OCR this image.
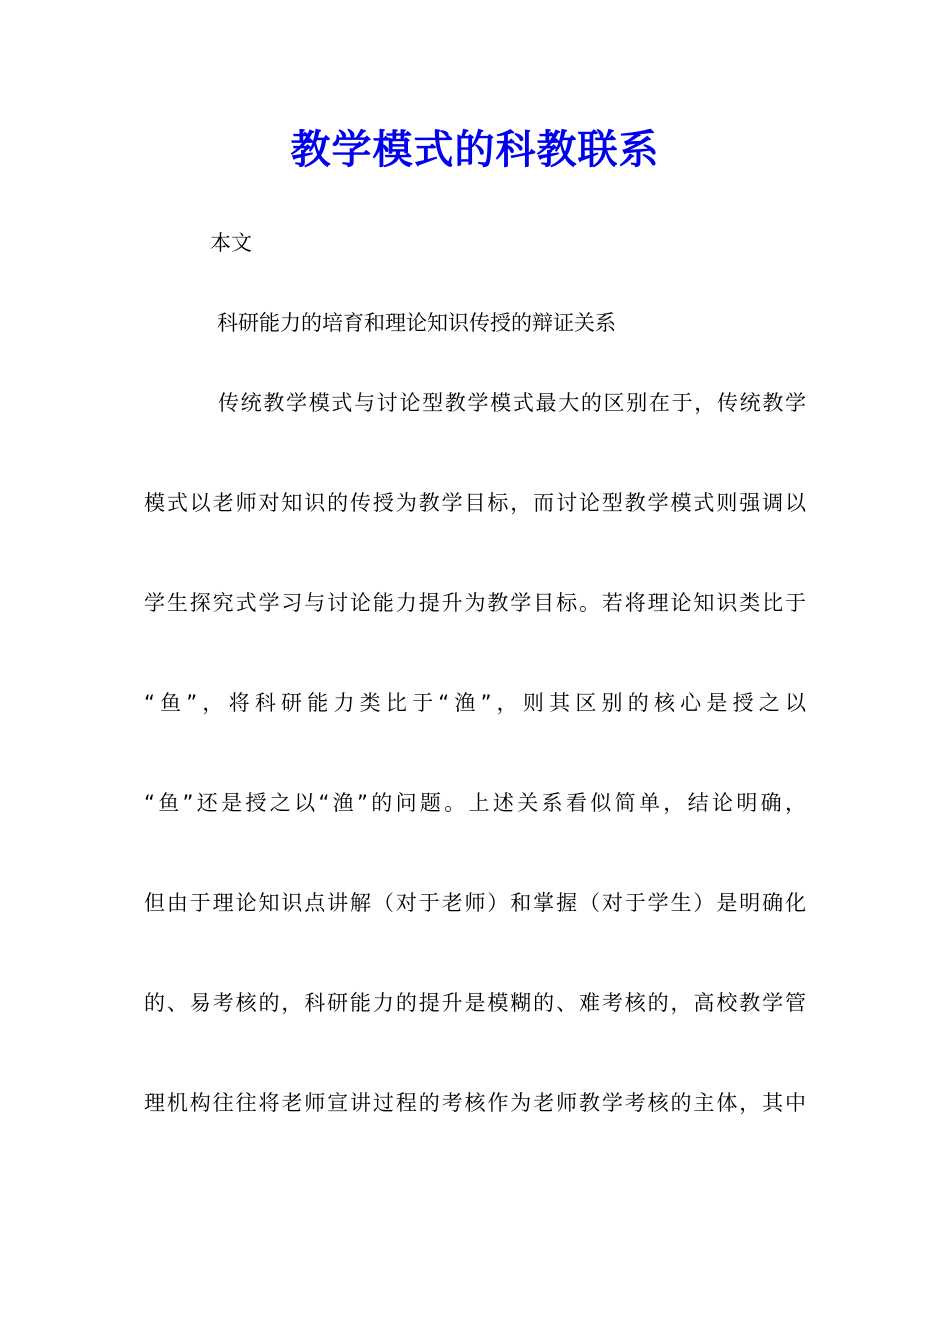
教学模式的科教联系
本文
科研能力的培育和理论知识传授的辩证关系
传统教学模式与讨论型教学模式最大的区别在于，传统教学
模式以老师对知识的传授为教学目标，而讨论型教学模式则强调以
学生探究式学习与讨论能力提升为教学目标。若将理论知识类比于
“鱼”，将科研能力类比于“渔”，则其区别的核心是授之以
“鱼”还是授之以“渔”的问题。上述关系看似简单，结论明确，
但由于理论知识点讲解（对于老师）和掌握（对于学生）是明确化
的、易考核的，科研能力的提升是模糊的、难考核的，高校教学管
理机构往往将老师宣讲过程的考核作为老师教学考核的主体，其中
